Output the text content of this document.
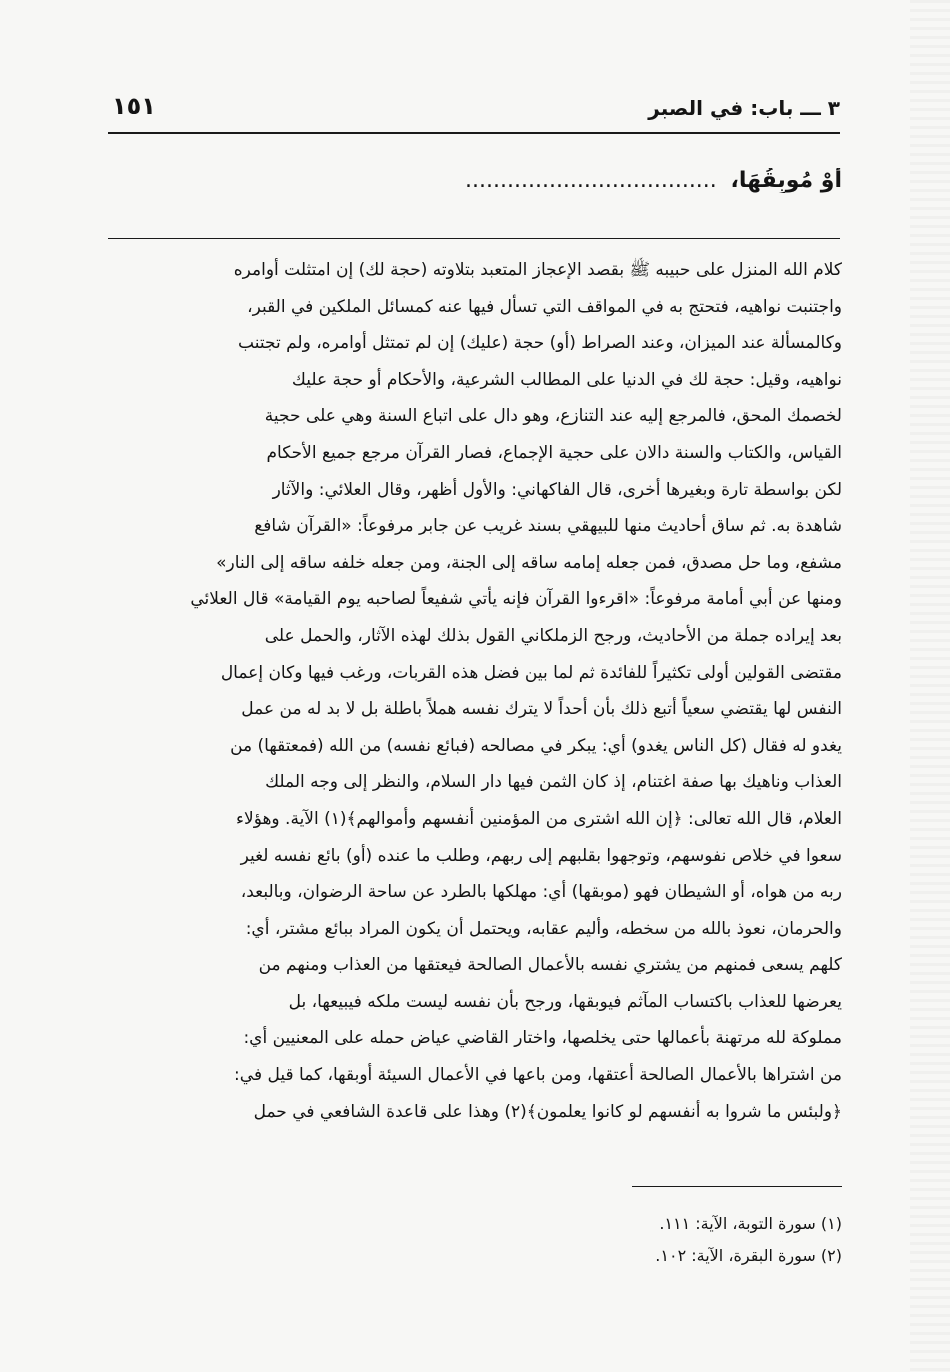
١٥١	٣ ـــ باب: في الصبر
أَوْ مُوبِقُهَا، ....................................
كلام الله المنزل على حبيبه ﷺ بقصد الإعجاز المتعبد بتلاوته (حجة لك) إن امتثلت أوامره
واجتنبت نواهيه، فتحتج به في المواقف التي تسأل فيها عنه كمسائل الملكين في القبر،
وكالمسألة عند الميزان، وعند الصراط (أو) حجة (عليك) إن لم تمتثل أوامره، ولم تجتنب
نواهيه، وقيل: حجة لك في الدنيا على المطالب الشرعية، والأحكام أو حجة عليك
لخصمك المحق، فالمرجع إليه عند التنازع، وهو دال على اتباع السنة وهي على حجية
القياس، والكتاب والسنة دالان على حجية الإجماع، فصار القرآن مرجع جميع الأحكام
لكن بواسطة تارة وبغيرها أخرى، قال الفاكهاني: والأول أظهر، وقال العلائي: والآثار
شاهدة به. ثم ساق أحاديث منها للبيهقي بسند غريب عن جابر مرفوعاً: «القرآن شافع
مشفع، وما حل مصدق، فمن جعله إمامه ساقه إلى الجنة، ومن جعله خلفه ساقه إلى النار»
ومنها عن أبي أمامة مرفوعاً: «اقرءوا القرآن فإنه يأتي شفيعاً لصاحبه يوم القيامة» قال العلائي
بعد إيراده جملة من الأحاديث، ورجح الزملكاني القول بذلك لهذه الآثار، والحمل على
مقتضى القولين أولى تكثيراً للفائدة ثم لما بين فضل هذه القربات، ورغب فيها وكان إعمال
النفس لها يقتضي سعياً أتبع ذلك بأن أحداً لا يترك نفسه هملاً باطلة بل لا بد له من عمل
يغدو له فقال (كل الناس يغدو) أي: يبكر في مصالحه (فبائع نفسه) من الله (فمعتقها) من
العذاب وناهيك بها صفة اغتنام، إذ كان الثمن فيها دار السلام، والنظر إلى وجه الملك
العلام، قال الله تعالى: ﴿إن الله اشترى من المؤمنين أنفسهم وأموالهم﴾(١) الآية. وهؤلاء
سعوا في خلاص نفوسهم، وتوجهوا بقلبهم إلى ربهم، وطلب ما عنده (أو) بائع نفسه لغير
ربه من هواه، أو الشيطان فهو (موبقها) أي: مهلكها بالطرد عن ساحة الرضوان، وبالبعد،
والحرمان، نعوذ بالله من سخطه، وأليم عقابه، ويحتمل أن يكون المراد ببائع مشتر، أي:
كلهم يسعى فمنهم من يشتري نفسه بالأعمال الصالحة فيعتقها من العذاب ومنهم من
يعرضها للعذاب باكتساب المآثم فيوبقها، ورجح بأن نفسه ليست ملكه فيبيعها، بل
مملوكة لله مرتهنة بأعمالها حتى يخلصها، واختار القاضي عياض حمله على المعنيين أي:
من اشتراها بالأعمال الصالحة أعتقها، ومن باعها في الأعمال السيئة أوبقها، كما قيل في:
﴿ولبئس ما شروا به أنفسهم لو كانوا يعلمون﴾(٢) وهذا على قاعدة الشافعي في حمل
(١) سورة التوبة، الآية: ١١١.
(٢) سورة البقرة، الآية: ١٠٢.
